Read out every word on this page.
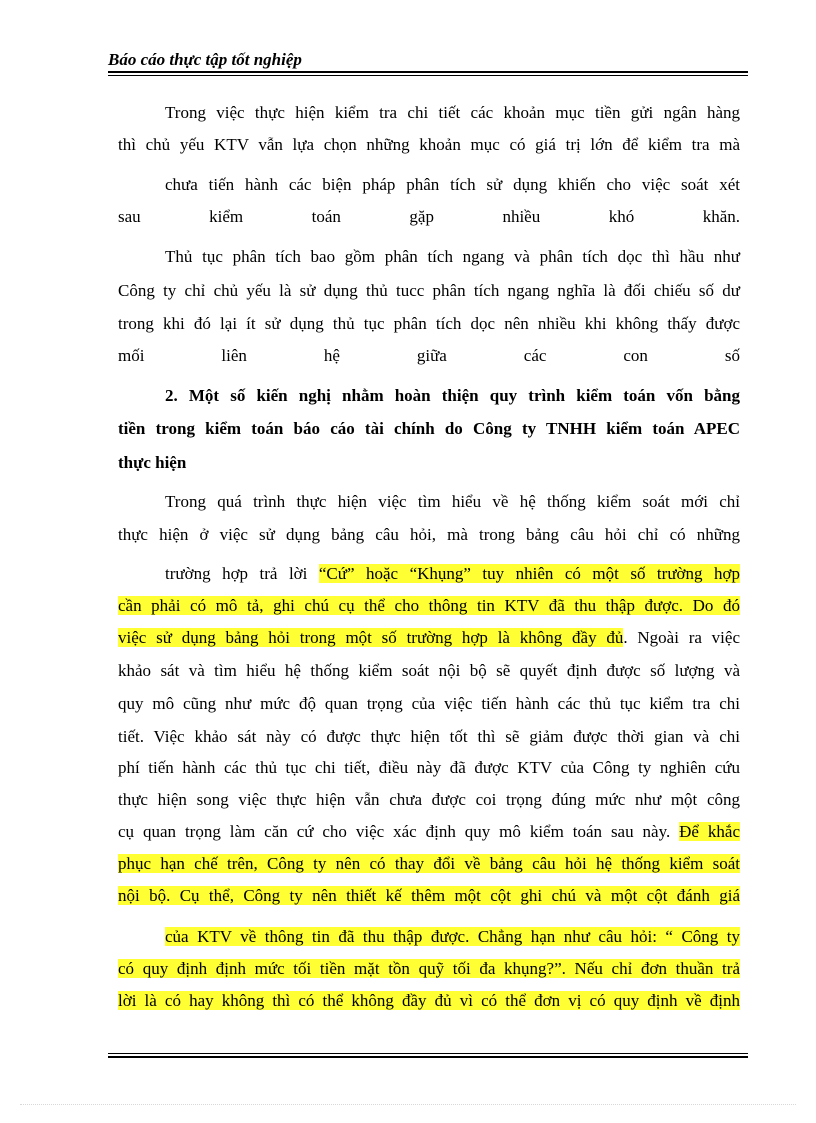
Báo cáo thực tập tốt nghiệp
Trong việc thực hiện kiểm tra chi tiết các khoản mục tiền gửi ngân hàng
thì chủ yếu KTV vẫn lựa chọn những khoản mục có giá trị lớn để kiểm tra mà
chưa tiến hành các biện pháp phân tích sử dụng khiến cho việc soát xét
sau kiểm toán gặp nhiều khó khăn.
Thủ tục phân tích bao gồm phân tích ngang và phân tích dọc thì hầu như
Công ty chỉ chủ yếu là sử dụng thủ tucc phân tích ngang nghĩa là đối chiếu số dư
trong khi đó lại ít sử dụng thủ tục phân tích dọc nên nhiều khi không thấy được
mối liên hệ giữa các con số
2. Một số kiến nghị nhằm hoàn thiện quy trình kiểm toán vốn bằng
tiền trong kiểm toán báo cáo tài chính do Công ty TNHH kiểm toán APEC
thực hiện
Trong quá trình thực hiện việc tìm hiểu về hệ thống kiểm soát mới chỉ
thực hiện ở việc sử dụng bảng câu hỏi, mà trong bảng câu hỏi chỉ có những
trường hợp trả lời “Cứ” hoặc “Khụng” tuy nhiên có một số trường hợp
cần phải có mô tả, ghi chú cụ thể cho thông tin KTV đã thu thập được. Do đó
việc sử dụng bảng hỏi trong một số trường hợp là không đầy đủ. Ngoài ra việc
khảo sát và tìm hiểu hệ thống kiểm soát nội bộ sẽ quyết định được số lượng và
quy mô cũng như mức độ quan trọng của việc tiến hành các thủ tục kiểm tra chi
tiết. Việc khảo sát này có được thực hiện tốt thì sẽ giảm được thời gian và chi
phí tiến hành các thủ tục chi tiết, điều này đã được KTV của Công ty nghiên cứu
thực hiện song việc thực hiện vẫn chưa được coi trọng đúng mức như một công
cụ quan trọng làm căn cứ cho việc xác định quy mô kiểm toán sau này. Để khắc
phục hạn chế trên, Công ty nên có thay đổi về bảng câu hỏi hệ thống kiểm soát
nội bộ. Cụ thể, Công ty nên thiết kế thêm một cột ghi chú và một cột đánh giá
của KTV về thông tin đã thu thập được. Chẳng hạn như câu hỏi: “ Công ty
có quy định định mức tối tiền mặt tồn quỹ tối đa khụng?”. Nếu chỉ đơn thuần trả
lời là có hay không thì có thể không đầy đủ vì có thể đơn vị có quy định về định
